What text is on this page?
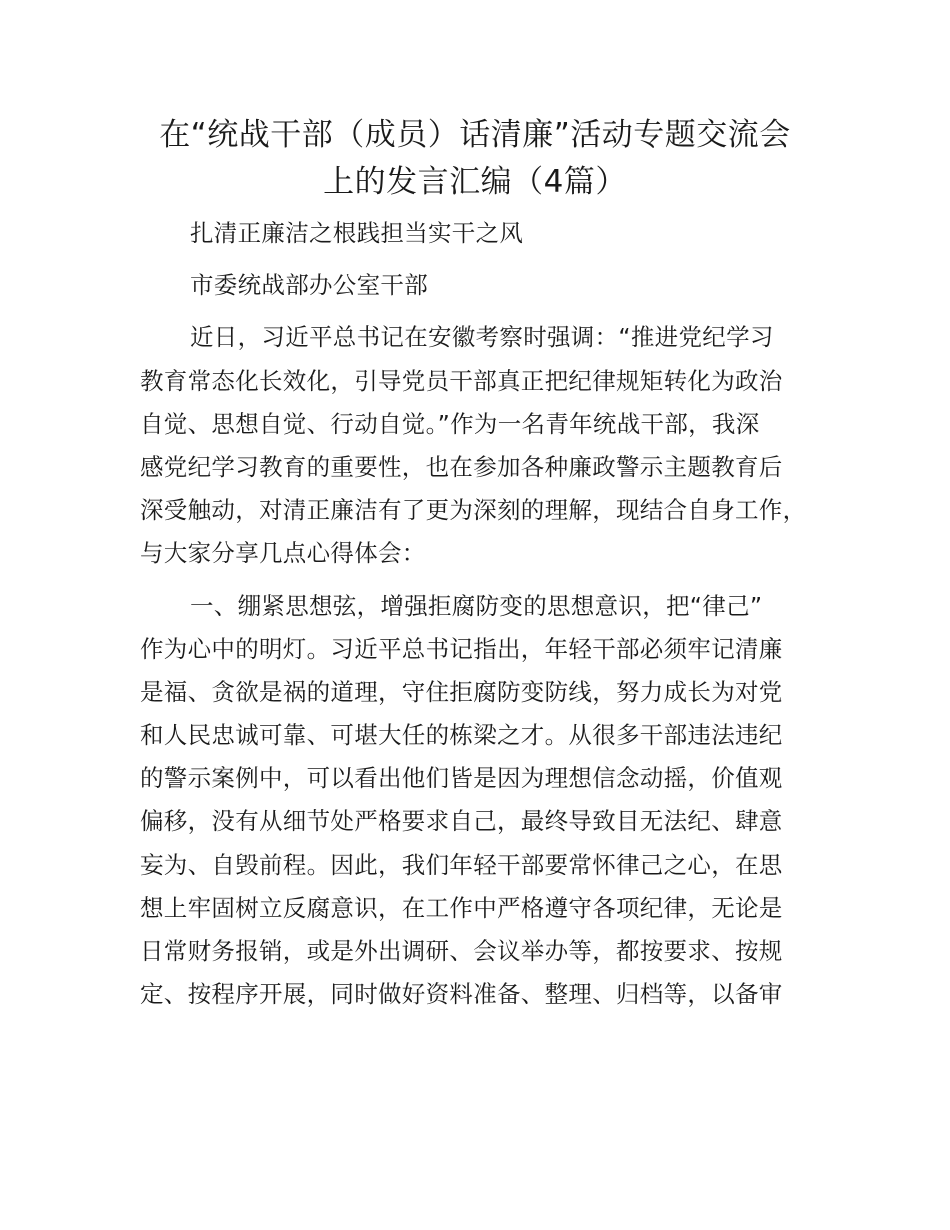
在“统战干部（成员）话清廉”活动专题交流会
上的发言汇编（4篇）
扎清正廉洁之根践担当实干之风
市委统战部办公室干部
近日，习近平总书记在安徽考察时强调：“推进党纪学习
教育常态化长效化，引导党员干部真正把纪律规矩转化为政治
自觉、思想自觉、行动自觉。”作为一名青年统战干部，我深
感党纪学习教育的重要性，也在参加各种廉政警示主题教育后
深受触动，对清正廉洁有了更为深刻的理解，现结合自身工作，
与大家分享几点心得体会：
一、绷紧思想弦，增强拒腐防变的思想意识，把“律己”
作为心中的明灯。习近平总书记指出，年轻干部必须牢记清廉
是福、贪欲是祸的道理，守住拒腐防变防线，努力成长为对党
和人民忠诚可靠、可堪大任的栋梁之才。从很多干部违法违纪
的警示案例中，可以看出他们皆是因为理想信念动摇，价值观
偏移，没有从细节处严格要求自己，最终导致目无法纪、肆意
妄为、自毁前程。因此，我们年轻干部要常怀律己之心，在思
想上牢固树立反腐意识，在工作中严格遵守各项纪律，无论是
日常财务报销，或是外出调研、会议举办等，都按要求、按规
定、按程序开展，同时做好资料准备、整理、归档等，以备审
